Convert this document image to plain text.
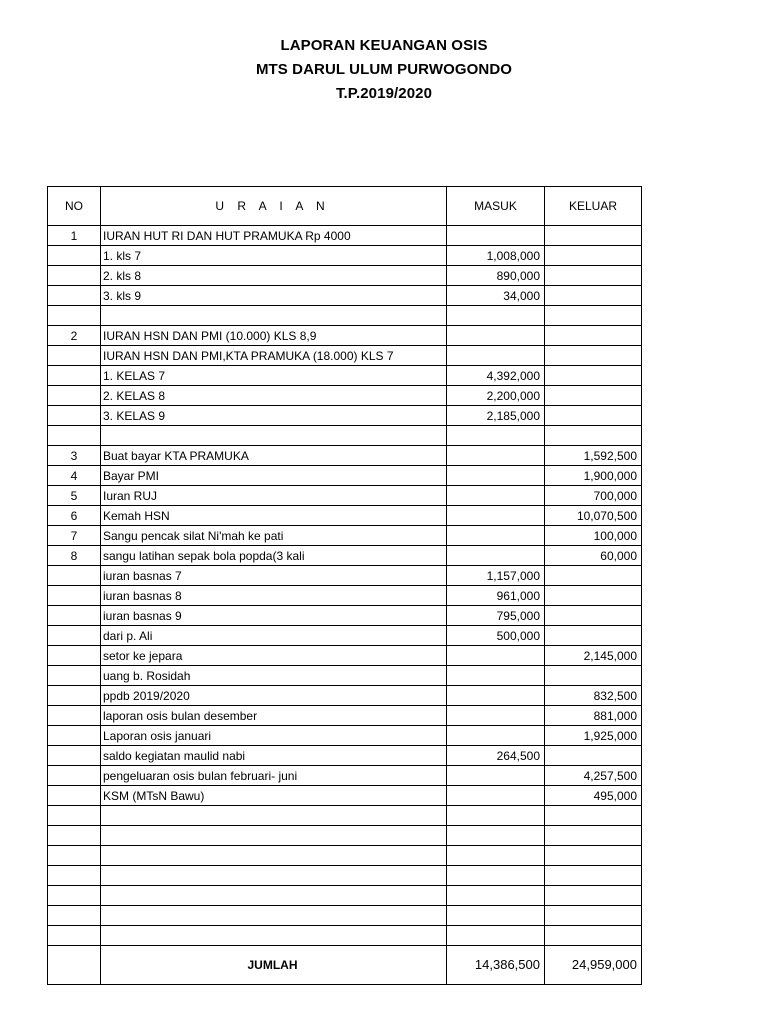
LAPORAN KEUANGAN OSIS
MTS DARUL ULUM PURWOGONDO
T.P.2019/2020
NO	U R A I A N	MASUK	KELUAR
1	IURAN HUT RI DAN HUT PRAMUKA Rp 4000		
	1. kls 7	1,008,000	
	2. kls 8	890,000	
	3. kls 9	34,000	

2	IURAN HSN DAN PMI (10.000) KLS 8,9		
	IURAN HSN DAN PMI,KTA PRAMUKA (18.000) KLS 7		
	1. KELAS 7	4,392,000	
	2. KELAS 8	2,200,000	
	3. KELAS 9	2,185,000	

3	Buat bayar KTA PRAMUKA		1,592,500
4	Bayar PMI		1,900,000
5	Iuran RUJ		700,000
6	Kemah HSN		10,070,500
7	Sangu pencak silat Ni'mah ke pati		100,000
8	sangu latihan sepak bola popda(3 kali		60,000
	iuran basnas 7	1,157,000	
	iuran basnas 8	961,000	
	iuran basnas 9	795,000	
	dari p. Ali	500,000	
	setor ke jepara		2,145,000
	uang b. Rosidah		
	ppdb 2019/2020		832,500
	laporan osis bulan desember		881,000
	Laporan osis januari		1,925,000
	saldo kegiatan maulid nabi	264,500	
	pengeluaran osis bulan februari- juni		4,257,500
	KSM (MTsN Bawu)		495,000

	JUMLAH	14,386,500	24,959,000
